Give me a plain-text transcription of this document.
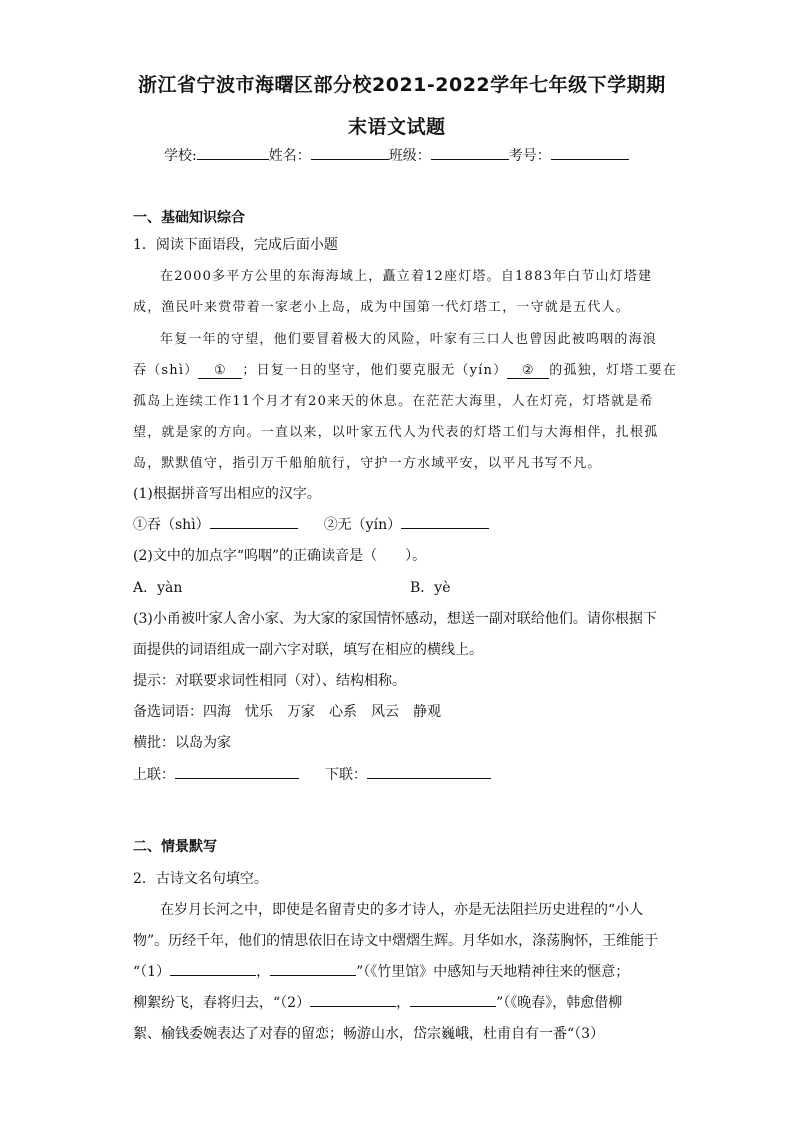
浙江省宁波市海曙区部分校2021-2022学年七年级下学期期
末语文试题
学校:	姓名：	班级：	考号：
一、基础知识综合
1．阅读下面语段，完成后面小题
在2000多平方公里的东海海域上，矗立着12座灯塔。自1883年白节山灯塔建
成，渔民叶来赏带着一家老小上岛，成为中国第一代灯塔工，一守就是五代人。
年复一年的守望，他们要冒着极大的风险，叶家有三口人也曾因此被呜咽的海浪
吞（shì） ① ；日复一日的坚守，他们要克服无（yín） ② 的孤独，灯塔工要在
孤岛上连续工作11个月才有20来天的休息。在茫茫大海里，人在灯亮，灯塔就是希
望，就是家的方向。一直以来，以叶家五代人为代表的灯塔工们与大海相伴，扎根孤
岛，默默值守，指引万千船舶航行，守护一方水域平安，以平凡书写不凡。
(1)根据拼音写出相应的汉字。
①吞（shì）	②无（yín）
(2)文中的加点字“呜咽”的正确读音是（　　）。
A．yàn	B．yè
(3)小甬被叶家人舍小家、为大家的家国情怀感动，想送一副对联给他们。请你根据下
面提供的词语组成一副六字对联，填写在相应的横线上。
提示：对联要求词性相同（对）、结构相称。
备选词语：四海　忧乐　万家　心系　风云　静观
横批：以岛为家
上联：	下联：
二、情景默写
2．古诗文名句填空。
在岁月长河之中，即使是名留青史的多才诗人，亦是无法阻拦历史进程的“小人
物”。历经千年，他们的情思依旧在诗文中熠熠生辉。月华如水，涤荡胸怀，王维能于
“（1）	，	”（《竹里馆》中感知与天地精神往来的惬意；
柳絮纷飞，春将归去，“（2）	，	”（《晚春》，韩愈借柳
絮、榆钱委婉表达了对春的留恋；畅游山水，岱宗巍峨，杜甫自有一番“（3）
